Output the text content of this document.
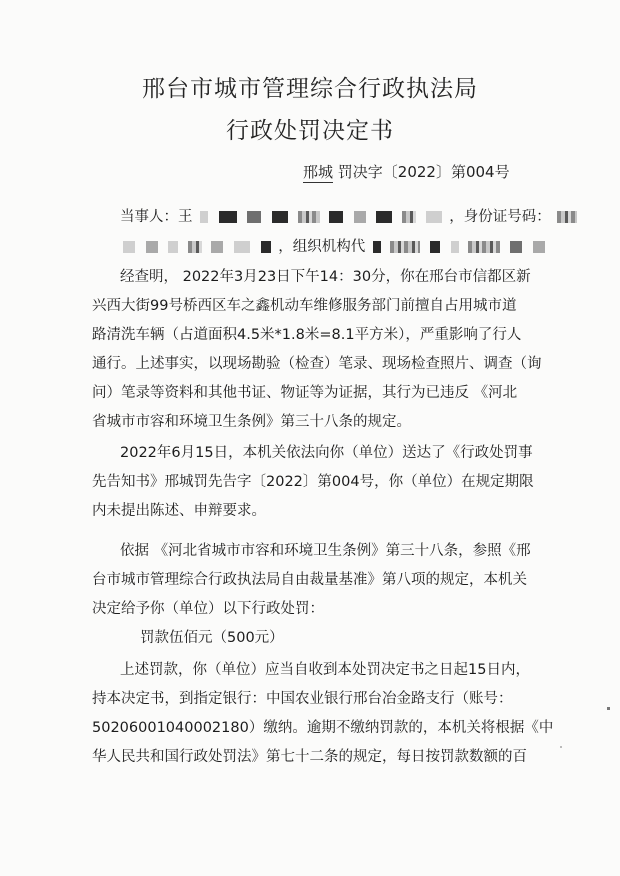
邢台市城市管理综合行政执法局
行政处罚决定书
邢城 罚决字〔2022〕第004号
当事人：王	，身份证号码：
，组织机构代
经查明， 2022年3月23日下午14：30分，你在邢台市信都区新
兴西大街99号桥西区车之鑫机动车维修服务部门前擅自占用城市道
路清洗车辆（占道面积4.5米*1.8米=8.1平方米），严重影响了行人
通行。上述事实，以现场勘验（检查）笔录、现场检查照片、调查（询
问）笔录等资料和其他书证、物证等为证据，其行为已违反 《河北
省城市市容和环境卫生条例》第三十八条的规定。
2022年6月15日，本机关依法向你（单位）送达了《行政处罚事
先告知书》邢城罚先告字〔2022〕第004号，你（单位）在规定期限
内未提出陈述、申辩要求。
依据 《河北省城市市容和环境卫生条例》第三十八条，参照《邢
台市城市管理综合行政执法局自由裁量基准》第八项的规定，本机关
决定给予你（单位）以下行政处罚：
罚款伍佰元（500元）
上述罚款，你（单位）应当自收到本处罚决定书之日起15日内，
持本决定书，到指定银行：中国农业银行邢台冶金路支行（账号：
50206001040002180）缴纳。逾期不缴纳罚款的，本机关将根据《中
华人民共和国行政处罚法》第七十二条的规定，每日按罚款数额的百
